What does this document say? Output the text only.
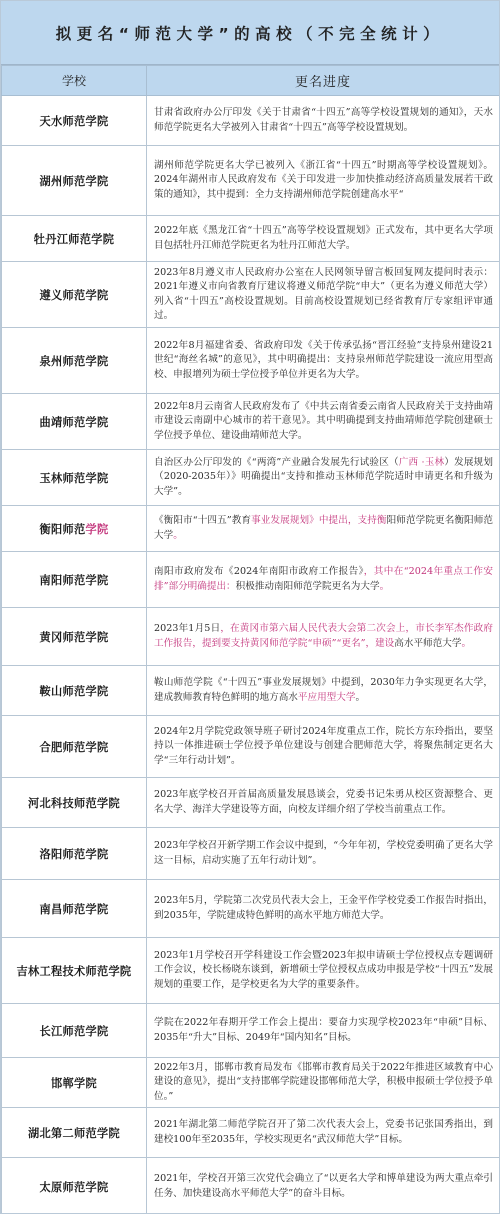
拟更名“师范大学”的高校（不完全统计）
学校	更名进度
天水师范学院	甘肃省政府办公厅印发《关于甘肃省“十四五”高等学校设置规划的通知》，天水师范学院更名大学被列入甘肃省“十四五”高等学校设置规划。
湖州师范学院	湖州师范学院更名大学已被列入《浙江省“十四五”时期高等学校设置规划》。2024年湖州市人民政府发布《关于印发进一步加快推动经济高质量发展若干政策的通知》，其中提到：全力支持湖州师范学院创建高水平“
牡丹江师范学院	2022年底《黑龙江省“十四五”高等学校设置规划》正式发布，其中更名大学项目包括牡丹江师范学院更名为牡丹江师范大学。
遵义师范学院	2023年8月遵义市人民政府办公室在人民网领导留言板回复网友提问时表示：2021年遵义市向省教育厅建议将遵义师范学院“申大”（更名为遵义师范大学）列入省“十四五”高校设置规划。目前高校设置规划已经省教育厅专家组评审通过。
泉州师范学院	2022年8月福建省委、省政府印发《关于传承弘扬“晋江经验”支持泉州建设21世纪“海丝名城”的意见》，其中明确提出：支持泉州师范学院建设一流应用型高校、申报增列为硕士学位授予单位并更名为大学。
曲靖师范学院	2022年8月云南省人民政府发布了《中共云南省委云南省人民政府关于支持曲靖市建设云南副中心城市的若干意见》。其中明确提到支持曲靖师范学院创建硕士学位授予单位、建设曲靖师范大学。
玉林师范学院	自治区办公厅印发的《“两湾”产业融合发展先行试验区（广西 ·玉林）发展规划（2020-2035年）》明确提出“支持和推动玉林师范学院适时申请更名和升级为大学”。
衡阳师范学院	《衡阳市“十四五”教育事业发展规划》中提出，支持衡阳师范学院更名衡阳师范大学。
南阳师范学院	南阳市政府发布《2024年南阳市政府工作报告》，其中在“2024年重点工作安排”部分明确提出：积极推动南阳师范学院更名为大学。
黄冈师范学院	2023年1月5日，在黄冈市第六届人民代表大会第二次会上，市长李军杰作政府工作报告，提到要支持黄冈师范学院“申硕”“更名”，建设高水平师范大学。
鞍山师范学院	鞍山师范学院《“十四五”事业发展规划》中提到，2030年力争实现更名大学，建成教师教育特色鲜明的地方高水平应用型大学。
合肥师范学院	2024年2月学院党政领导班子研讨2024年度重点工作，院长方东玲指出，要坚持以一体推进硕士学位授予单位建设与创建合肥师范大学，将聚焦制定更名大学“三年行动计划”。
河北科技师范学院	2023年底学校召开首届高质量发展恳谈会，党委书记朱勇从校区资源整合、更名大学、海洋大学建设等方面，向校友详细介绍了学校当前重点工作。
洛阳师范学院	2023年学校召开新学期工作会议中提到，“今年年初，学校党委明确了更名大学这一目标，启动实施了五年行动计划”。
南昌师范学院	2023年5月，学院第二次党员代表大会上，王金平作学校党委工作报告时指出，到2035年，学院建成特色鲜明的高水平地方师范大学。
吉林工程技术师范学院	2023年1月学校召开学科建设工作会暨2023年拟申请硕士学位授权点专题调研工作会议，校长杨晓东谈到，新增硕士学位授权点成功申报是学校“十四五”发展规划的重要工作，是学校更名为大学的重要条件。
长江师范学院	学院在2022年春期开学工作会上提出：要奋力实现学校2023年“申硕”目标、2035年“升大”目标、2049年“国内知名”目标。
邯郸学院	2022年3月，邯郸市教育局发布《邯郸市教育局关于2022年推进区域教育中心建设的意见》，提出“支持邯郸学院建设邯郸师范大学，积极申报硕士学位授予单位。”
湖北第二师范学院	2021年湖北第二师范学院召开了第二次代表大会上，党委书记张国秀指出，到建校100年至2035年，学校实现更名“武汉师范大学”目标。
太原师范学院	2021年，学校召开第三次党代会确立了“以更名大学和博单建设为两大重点牵引任务、加快建设高水平师范大学”的奋斗目标。
